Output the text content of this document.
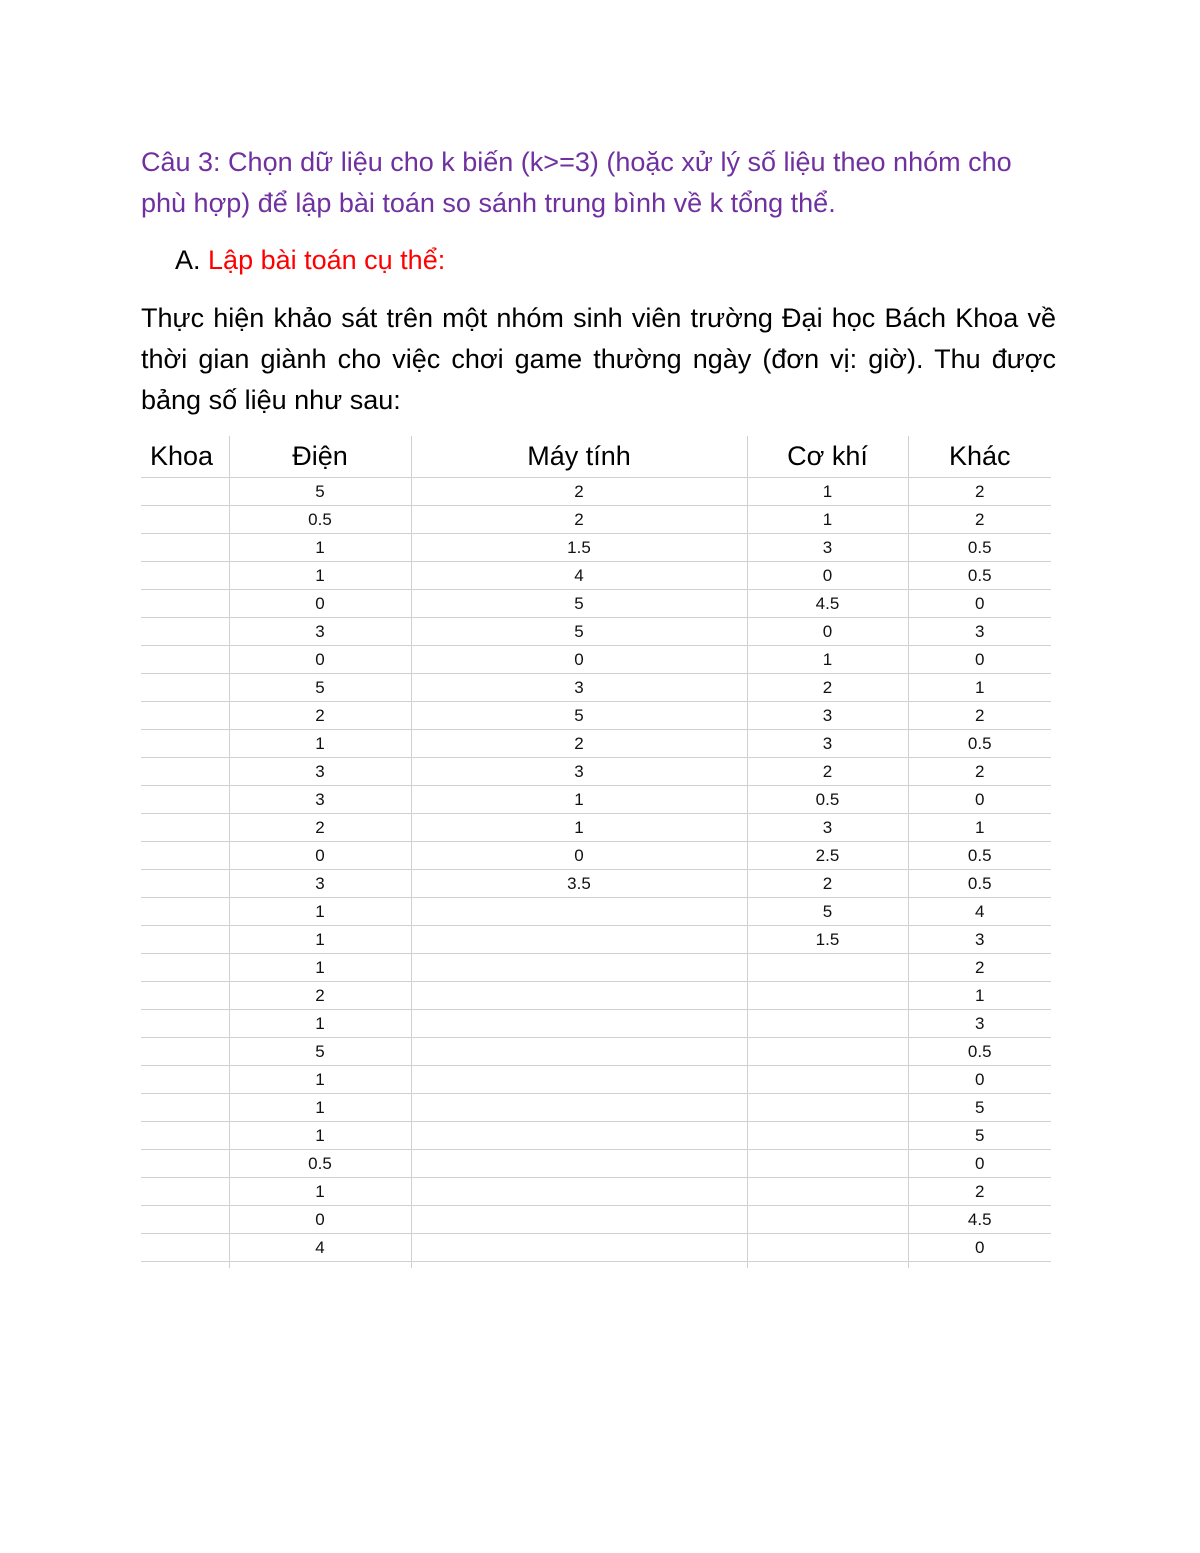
Câu 3: Chọn dữ liệu cho k biến (k>=3) (hoặc xử lý số liệu theo nhóm cho phù hợp) để lập bài toán so sánh trung bình về k tổng thể.
A. Lập bài toán cụ thể:
Thực hiện khảo sát trên một nhóm sinh viên trường Đại học Bách Khoa về thời gian giành cho việc chơi game thường ngày (đơn vị: giờ). Thu được bảng số liệu như sau:
Khoa	Điện	Máy tính	Cơ khí	Khác
	5	2	1	2
	0.5	2	1	2
	1	1.5	3	0.5
	1	4	0	0.5
	0	5	4.5	0
	3	5	0	3
	0	0	1	0
	5	3	2	1
	2	5	3	2
	1	2	3	0.5
	3	3	2	2
	3	1	0.5	0
	2	1	3	1
	0	0	2.5	0.5
	3	3.5	2	0.5
	1		5	4
	1		1.5	3
	1			2
	2			1
	1			3
	5			0.5
	1			0
	1			5
	1			5
	0.5			0
	1			2
	0			4.5
	4			0
